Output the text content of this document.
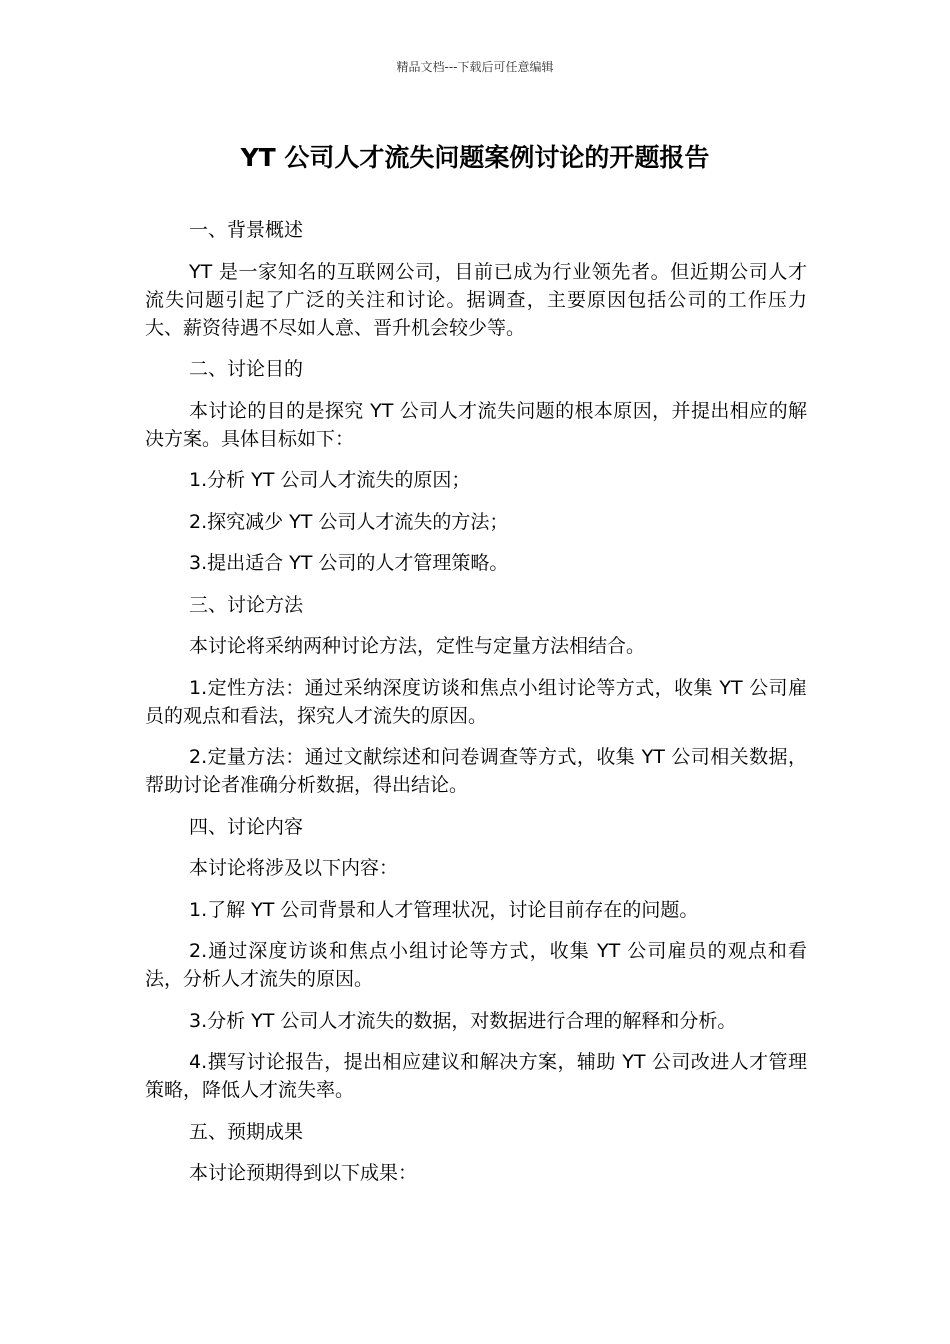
精品文档---下载后可任意编辑
YT 公司人才流失问题案例讨论的开题报告

一、背景概述

YT 是一家知名的互联网公司，目前已成为行业领先者。但近期公司人才流失问题引起了广泛的关注和讨论。据调查，主要原因包括公司的工作压力大、薪资待遇不尽如人意、晋升机会较少等。

二、讨论目的

本讨论的目的是探究 YT 公司人才流失问题的根本原因，并提出相应的解决方案。具体目标如下：

1.分析 YT 公司人才流失的原因；

2.探究减少 YT 公司人才流失的方法；

3.提出适合 YT 公司的人才管理策略。

三、讨论方法

本讨论将采纳两种讨论方法，定性与定量方法相结合。

1.定性方法：通过采纳深度访谈和焦点小组讨论等方式，收集 YT 公司雇员的观点和看法，探究人才流失的原因。

2.定量方法：通过文献综述和问卷调查等方式，收集 YT 公司相关数据，帮助讨论者准确分析数据，得出结论。

四、讨论内容

本讨论将涉及以下内容：

1.了解 YT 公司背景和人才管理状况，讨论目前存在的问题。

2.通过深度访谈和焦点小组讨论等方式，收集 YT 公司雇员的观点和看法，分析人才流失的原因。

3.分析 YT 公司人才流失的数据，对数据进行合理的解释和分析。

4.撰写讨论报告，提出相应建议和解决方案，辅助 YT 公司改进人才管理策略，降低人才流失率。

五、预期成果

本讨论预期得到以下成果：
